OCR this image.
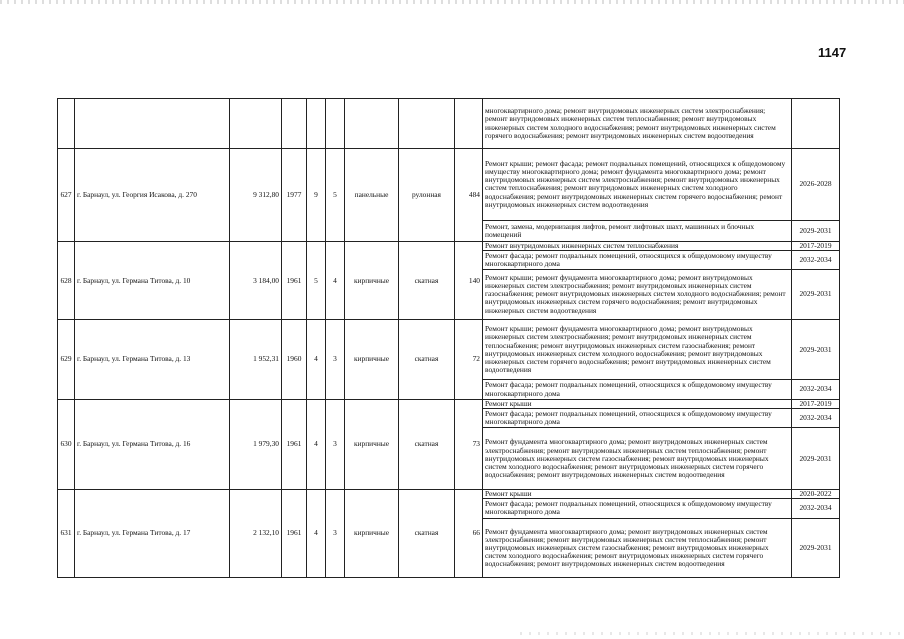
1147
									многоквартирного дома; ремонт внутридомовых инженерных систем электроснабжения; ремонт внутридомовых инженерных систем теплоснабжения; ремонт внутридомовых инженерных систем холодного водоснабжения; ремонт внутридомовых инженерных систем горячего водоснабжения; ремонт внутридомовых инженерных систем водоотведения	
627	г. Барнаул, ул. Георгия Исакова, д. 270	9 312,80	1977	9	5	панельные	рулонная	484	Ремонт крыши; ремонт фасада; ремонт подвальных помещений, относящихся к общедомовому имуществу многоквартирного дома; ремонт фундамента многоквартирного дома; ремонт внутридомовых инженерных систем электроснабжения; ремонт внутридомовых инженерных систем теплоснабжения; ремонт внутридомовых инженерных систем холодного водоснабжения; ремонт внутридомовых инженерных систем горячего водоснабжения; ремонт внутридомовых инженерных систем водоотведения	2026-2028
									Ремонт, замена, модернизация лифтов, ремонт лифтовых шахт, машинных и блочных помещений	2029-2031
628	г. Барнаул, ул. Германа Титова, д. 10	3 184,00	1961	5	4	кирпичные	скатная	140	Ремонт внутридомовых инженерных систем теплоснабжения	2017-2019
									Ремонт фасада; ремонт подвальных помещений, относящихся к общедомовому имуществу многоквартирного дома	2032-2034
									Ремонт крыши; ремонт фундамента многоквартирного дома; ремонт внутридомовых инженерных систем электроснабжения; ремонт внутридомовых инженерных систем газоснабжения; ремонт внутридомовых инженерных систем холодного водоснабжения; ремонт внутридомовых инженерных систем горячего водоснабжения; ремонт внутридомовых инженерных систем водоотведения	2029-2031
629	г. Барнаул, ул. Германа Титова, д. 13	1 952,31	1960	4	3	кирпичные	скатная	72	Ремонт крыши; ремонт фундамента многоквартирного дома; ремонт внутридомовых инженерных систем электроснабжения; ремонт внутридомовых инженерных систем теплоснабжения; ремонт внутридомовых инженерных систем газоснабжения; ремонт внутридомовых инженерных систем холодного водоснабжения; ремонт внутридомовых инженерных систем горячего водоснабжения; ремонт внутридомовых инженерных систем водоотведения	2029-2031
									Ремонт фасада; ремонт подвальных помещений, относящихся к общедомовому имуществу многоквартирного дома	2032-2034
630	г. Барнаул, ул. Германа Титова, д. 16	1 979,30	1961	4	3	кирпичные	скатная	73	Ремонт крыши	2017-2019
									Ремонт фасада; ремонт подвальных помещений, относящихся к общедомовому имуществу многоквартирного дома	2032-2034
									Ремонт фундамента многоквартирного дома; ремонт внутридомовых инженерных систем электроснабжения; ремонт внутридомовых инженерных систем теплоснабжения; ремонт внутридомовых инженерных систем газоснабжения; ремонт внутридомовых инженерных систем холодного водоснабжения; ремонт внутридомовых инженерных систем горячего водоснабжения; ремонт внутридомовых инженерных систем водоотведения	2029-2031
631	г. Барнаул, ул. Германа Титова, д. 17	2 132,10	1961	4	3	кирпичные	скатная	66	Ремонт крыши	2020-2022
									Ремонт фасада; ремонт подвальных помещений, относящихся к общедомовому имуществу многоквартирного дома	2032-2034
									Ремонт фундамента многоквартирного дома; ремонт внутридомовых инженерных систем электроснабжения; ремонт внутридомовых инженерных систем теплоснабжения; ремонт внутридомовых инженерных систем газоснабжения; ремонт внутридомовых инженерных систем холодного водоснабжения; ремонт внутридомовых инженерных систем горячего водоснабжения; ремонт внутридомовых инженерных систем водоотведения	2029-2031
